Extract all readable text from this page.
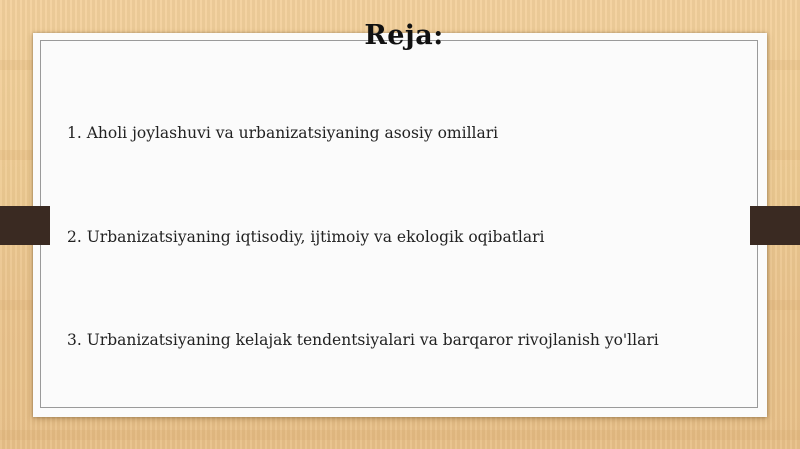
Reja:
1. Aholi joylashuvi va urbanizatsiyaning asosiy omillari
2. Urbanizatsiyaning iqtisodiy, ijtimoiy va ekologik oqibatlari
3. Urbanizatsiyaning kelajak tendentsiyalari va barqaror rivojlanish yo'llari
